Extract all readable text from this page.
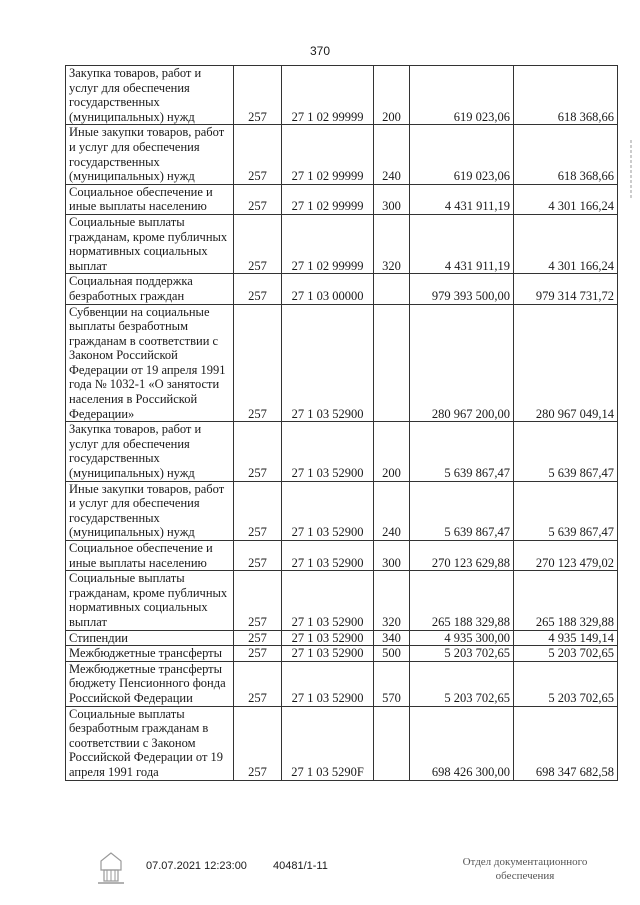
370
Закупка товаров, работ и услуг для обеспечения государственных (муниципальных) нужд	257	27 1 02 99999	200	619 023,06	618 368,66
Иные закупки товаров, работ и услуг для обеспечения государственных (муниципальных) нужд	257	27 1 02 99999	240	619 023,06	618 368,66
Социальное обеспечение и иные выплаты населению	257	27 1 02 99999	300	4 431 911,19	4 301 166,24
Социальные выплаты гражданам, кроме публичных нормативных социальных выплат	257	27 1 02 99999	320	4 431 911,19	4 301 166,24
Социальная поддержка безработных граждан	257	27 1 03 00000		979 393 500,00	979 314 731,72
Субвенции на социальные выплаты безработным гражданам в соответствии с Законом Российской Федерации от 19 апреля 1991 года № 1032-1 «О занятости населения в Российской Федерации»	257	27 1 03 52900		280 967 200,00	280 967 049,14
Закупка товаров, работ и услуг для обеспечения государственных (муниципальных) нужд	257	27 1 03 52900	200	5 639 867,47	5 639 867,47
Иные закупки товаров, работ и услуг для обеспечения государственных (муниципальных) нужд	257	27 1 03 52900	240	5 639 867,47	5 639 867,47
Социальное обеспечение и иные выплаты населению	257	27 1 03 52900	300	270 123 629,88	270 123 479,02
Социальные выплаты гражданам, кроме публичных нормативных социальных выплат	257	27 1 03 52900	320	265 188 329,88	265 188 329,88
Стипендии	257	27 1 03 52900	340	4 935 300,00	4 935 149,14
Межбюджетные трансферты	257	27 1 03 52900	500	5 203 702,65	5 203 702,65
Межбюджетные трансферты бюджету Пенсионного фонда Российской Федерации	257	27 1 03 52900	570	5 203 702,65	5 203 702,65
Социальные выплаты безработным гражданам в соответствии с Законом Российской Федерации от 19 апреля 1991 года	257	27 1 03 5290F		698 426 300,00	698 347 682,58
07.07.2021 12:23:00 40481/1-11	Отдел документационного
обеспечения
